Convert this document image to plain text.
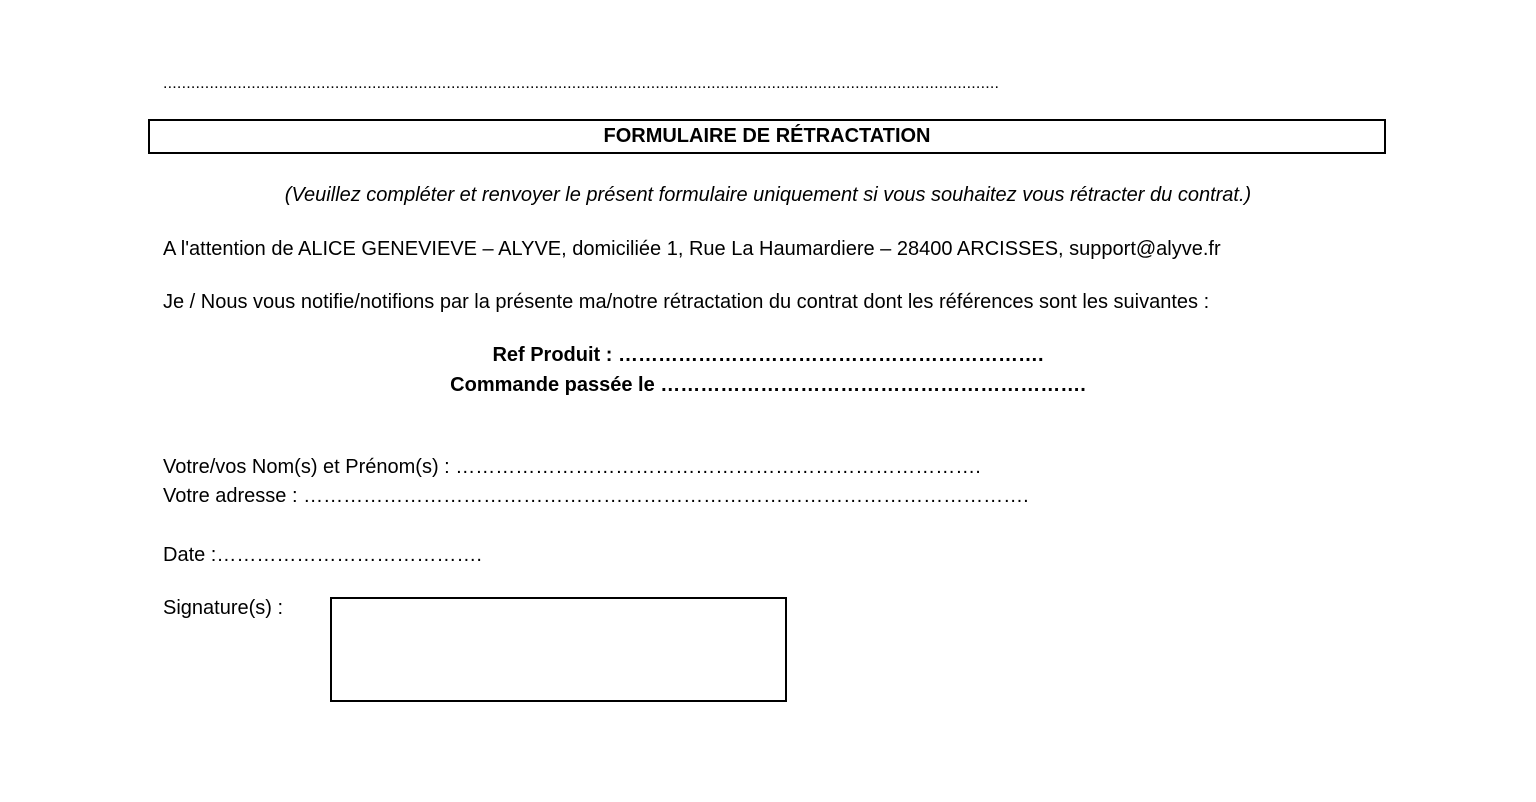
....................................................................................................................................................................................
FORMULAIRE DE RÉTRACTATION
(Veuillez compléter et renvoyer le présent formulaire uniquement si vous souhaitez vous rétracter du contrat.)
A l'attention de ALICE GENEVIEVE – ALYVE, domiciliée 1, Rue La Haumardiere – 28400 ARCISSES, support@alyve.fr
Je / Nous vous notifie/notifions par la présente ma/notre rétractation du contrat dont les références sont les suivantes :
Ref Produit : ……………………………………………………….
Commande passée le ……………………………………………………….
Votre/vos Nom(s) et Prénom(s) : …………………………………………………………………….
Votre adresse : ……………………………………………………………………………………………….
Date :………………………………….
Signature(s) :
